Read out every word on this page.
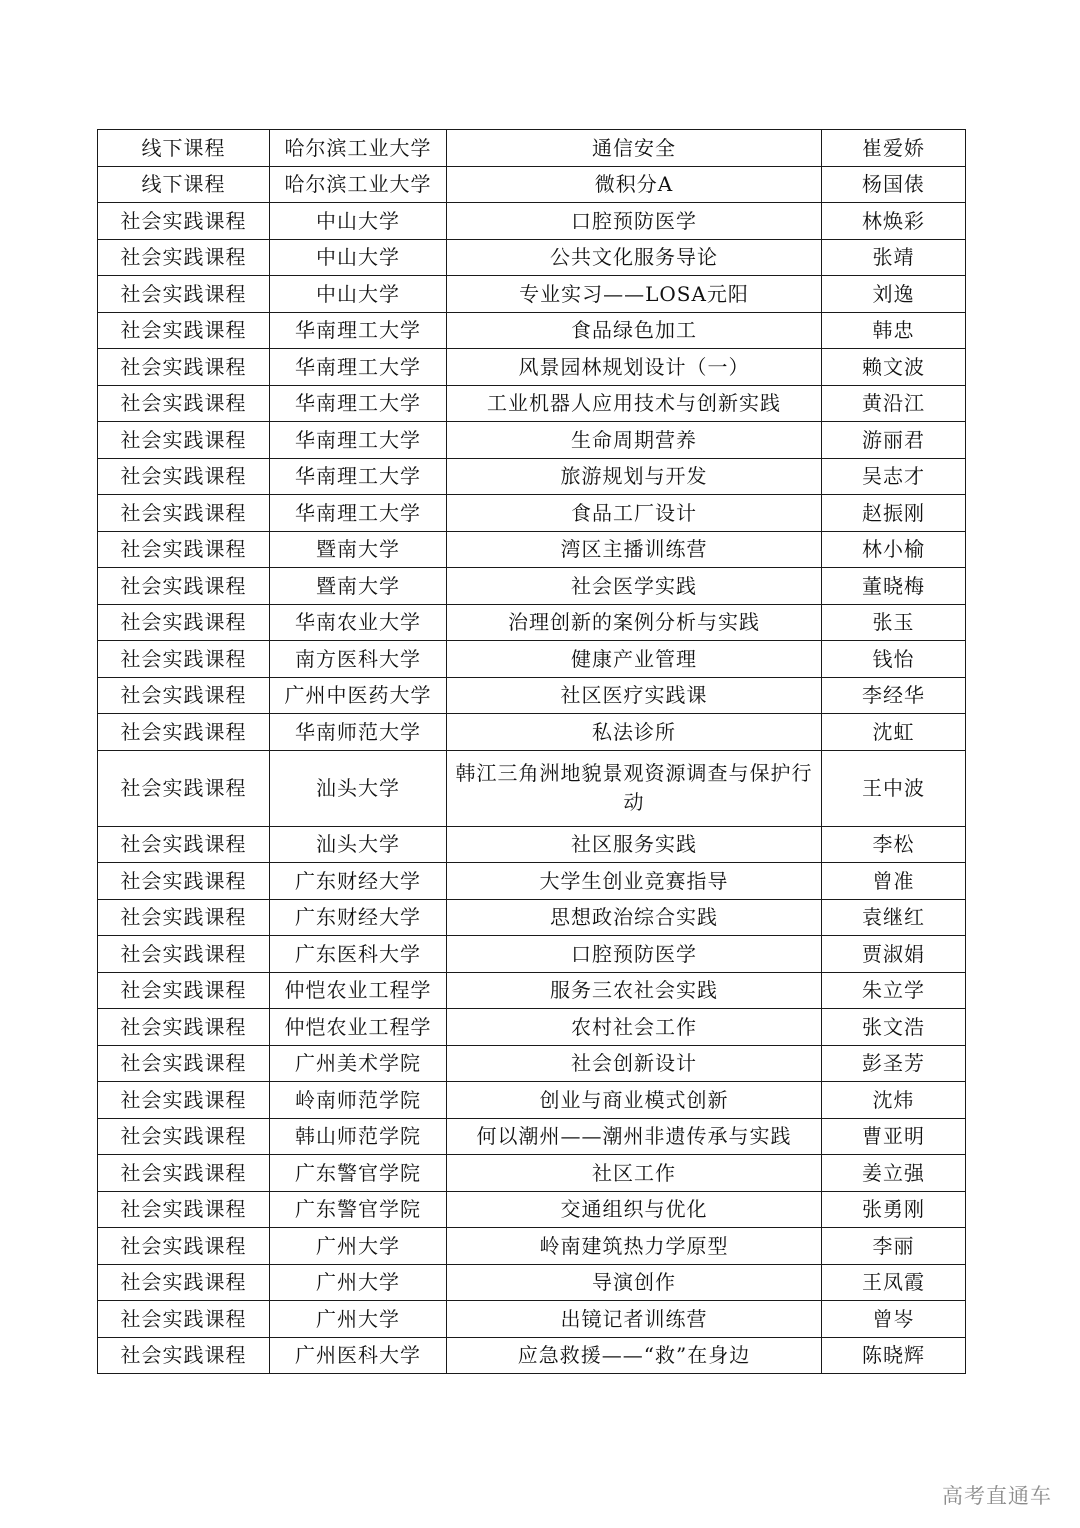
线下课程	哈尔滨工业大学	通信安全	崔爱娇
线下课程	哈尔滨工业大学	微积分A	杨国俵
社会实践课程	中山大学	口腔预防医学	林焕彩
社会实践课程	中山大学	公共文化服务导论	张靖
社会实践课程	中山大学	专业实习——LOSA元阳	刘逸
社会实践课程	华南理工大学	食品绿色加工	韩忠
社会实践课程	华南理工大学	风景园林规划设计（一）	赖文波
社会实践课程	华南理工大学	工业机器人应用技术与创新实践	黄沿江
社会实践课程	华南理工大学	生命周期营养	游丽君
社会实践课程	华南理工大学	旅游规划与开发	吴志才
社会实践课程	华南理工大学	食品工厂设计	赵振刚
社会实践课程	暨南大学	湾区主播训练营	林小榆
社会实践课程	暨南大学	社会医学实践	董晓梅
社会实践课程	华南农业大学	治理创新的案例分析与实践	张玉
社会实践课程	南方医科大学	健康产业管理	钱怡
社会实践课程	广州中医药大学	社区医疗实践课	李经华
社会实践课程	华南师范大学	私法诊所	沈虹
社会实践课程	汕头大学	韩江三角洲地貌景观资源调查与保护行动	王中波
社会实践课程	汕头大学	社区服务实践	李松
社会实践课程	广东财经大学	大学生创业竞赛指导	曾准
社会实践课程	广东财经大学	思想政治综合实践	袁继红
社会实践课程	广东医科大学	口腔预防医学	贾淑娟
社会实践课程	仲恺农业工程学	服务三农社会实践	朱立学
社会实践课程	仲恺农业工程学	农村社会工作	张文浩
社会实践课程	广州美术学院	社会创新设计	彭圣芳
社会实践课程	岭南师范学院	创业与商业模式创新	沈炜
社会实践课程	韩山师范学院	何以潮州——潮州非遗传承与实践	曹亚明
社会实践课程	广东警官学院	社区工作	姜立强
社会实践课程	广东警官学院	交通组织与优化	张勇刚
社会实践课程	广州大学	岭南建筑热力学原型	李丽
社会实践课程	广州大学	导演创作	王凤霞
社会实践课程	广州大学	出镜记者训练营	曾岑
社会实践课程	广州医科大学	应急救援——“救”在身边	陈晓辉
高考直通车
